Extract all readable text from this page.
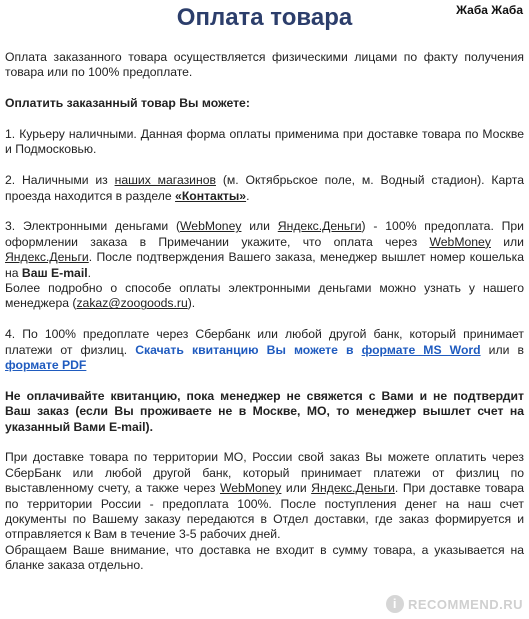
Жаба Жаба
Оплата товара

Оплата заказанного товара осуществляется физическими лицами по факту получения товара или по 100% предоплате.

Оплатить заказанный товар Вы можете:

1. Курьеру наличными. Данная форма оплаты применима при доставке товара по Москве и Подмосковью.

2. Наличными из наших магазинов (м. Октябрьское поле, м. Водный стадион). Карта проезда находится в разделе «Контакты».

3. Электронными деньгами (WebMoney или Яндекс.Деньги) - 100% предоплата. При оформлении заказа в Примечании укажите, что оплата через WebMoney или Яндекс.Деньги. После подтверждения Вашего заказа, менеджер вышлет номер кошелька на Ваш E-mail.

Более подробно о способе оплаты электронными деньгами можно узнать у нашего менеджера (zakaz@zoogoods.ru).

4. По 100% предоплате через Сбербанк или любой другой банк, который принимает платежи от физлиц. Скачать квитанцию Вы можете в формате MS Word или в формате PDF

Не оплачивайте квитанцию, пока менеджер не свяжется с Вами и не подтвердит Ваш заказ (если Вы проживаете не в Москве, МО, то менеджер вышлет счет на указанный Вами E-mail).

При доставке товара по территории МО, России свой заказ Вы можете оплатить через СберБанк или любой другой банк, который принимает платежи от физлиц по выставленному счету, а также через WebMoney или Яндекс.Деньги. При доставке товара по территории России - предоплата 100%. После поступления денег на наш счет документы по Вашему заказу передаются в Отдел доставки, где заказ формируется и отправляется к Вам в течение 3-5 рабочих дней.

Обращаем Ваше внимание, что доставка не входит в сумму товара, а указывается на бланке заказа отдельно.

i RECOMMEND.RU
